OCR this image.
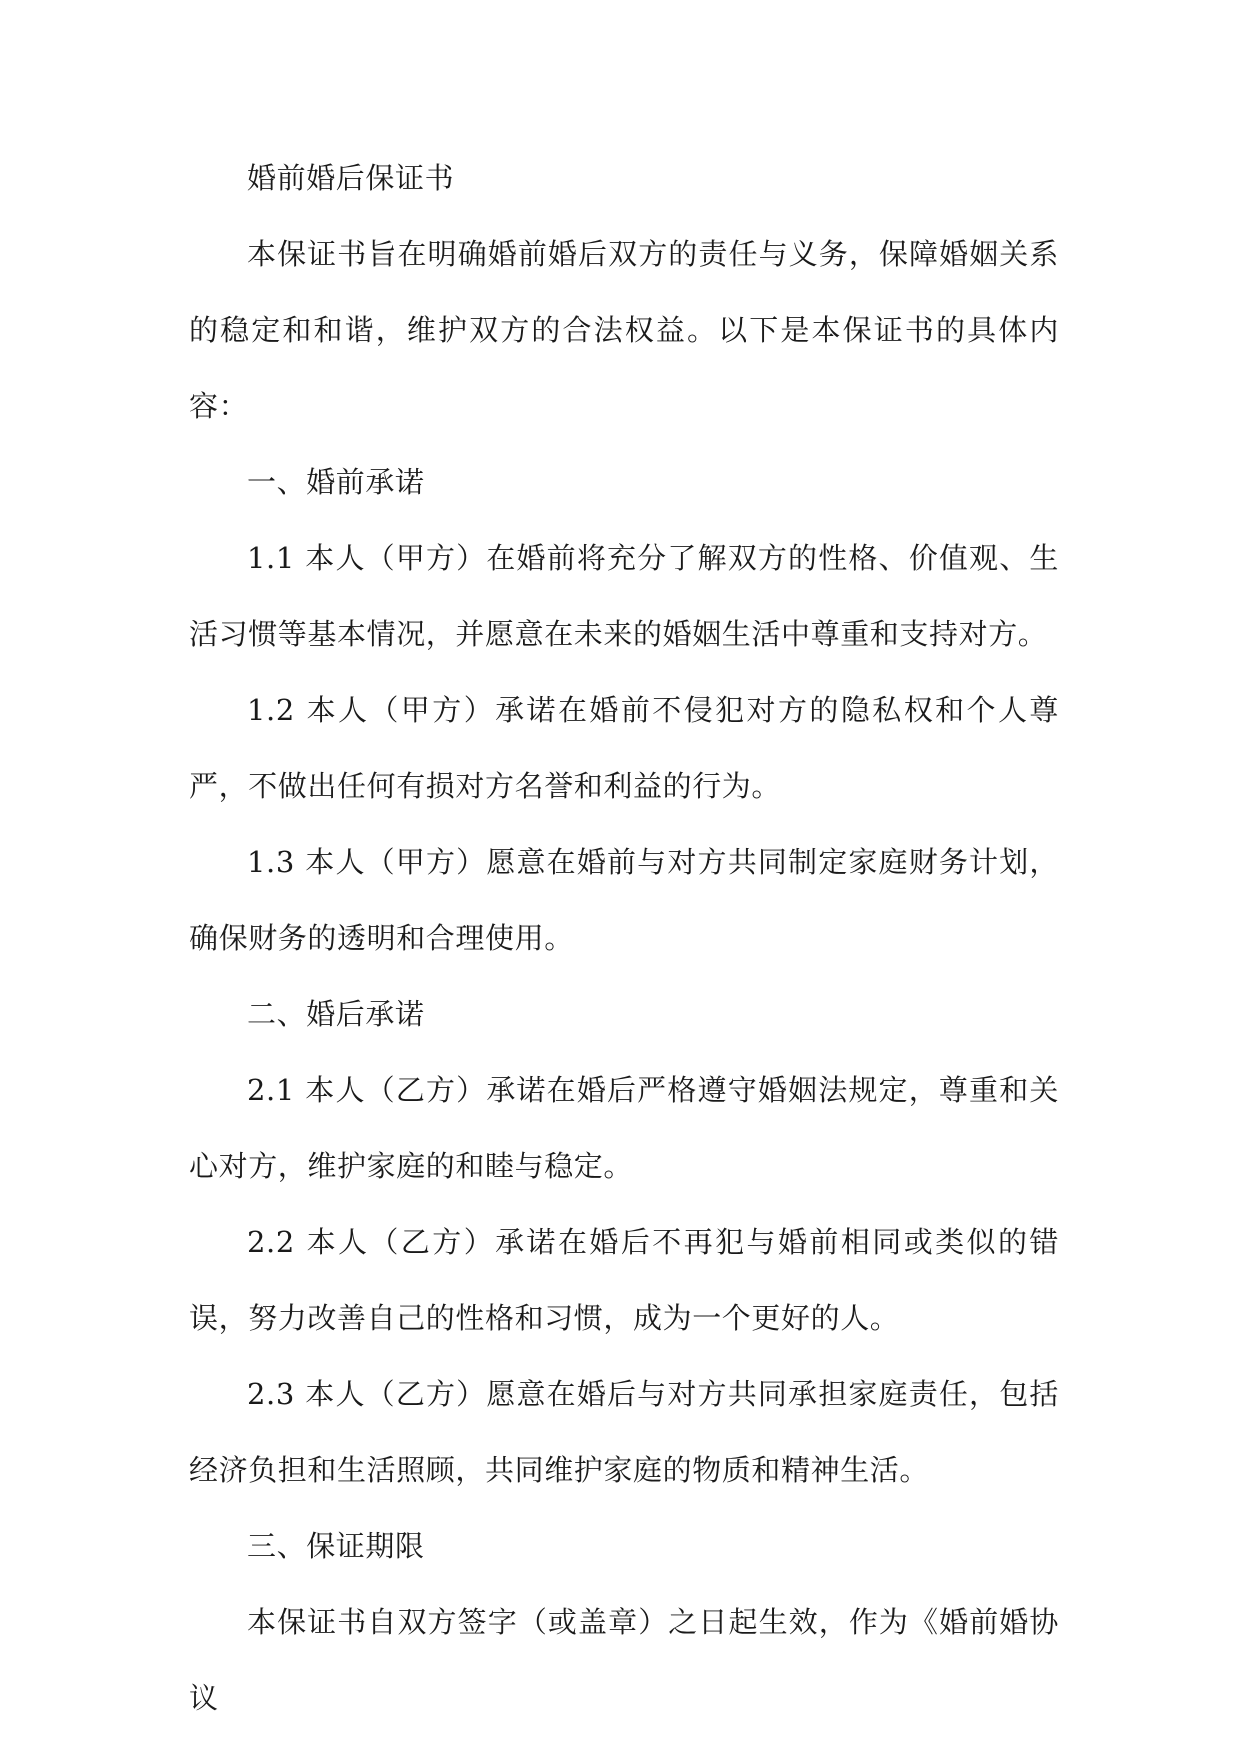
婚前婚后保证书

本保证书旨在明确婚前婚后双方的责任与义务，保障婚姻关系的稳定和和谐，维护双方的合法权益。以下是本保证书的具体内容：

一、婚前承诺

1.1 本人（甲方）在婚前将充分了解双方的性格、价值观、生活习惯等基本情况，并愿意在未来的婚姻生活中尊重和支持对方。

1.2 本人（甲方）承诺在婚前不侵犯对方的隐私权和个人尊严，不做出任何有损对方名誉和利益的行为。

1.3 本人（甲方）愿意在婚前与对方共同制定家庭财务计划，确保财务的透明和合理使用。

二、婚后承诺

2.1 本人（乙方）承诺在婚后严格遵守婚姻法规定，尊重和关心对方，维护家庭的和睦与稳定。

2.2 本人（乙方）承诺在婚后不再犯与婚前相同或类似的错误，努力改善自己的性格和习惯，成为一个更好的人。

2.3 本人（乙方）愿意在婚后与对方共同承担家庭责任，包括经济负担和生活照顾，共同维护家庭的物质和精神生活。

三、保证期限

本保证书自双方签字（或盖章）之日起生效，作为《婚前婚协议
